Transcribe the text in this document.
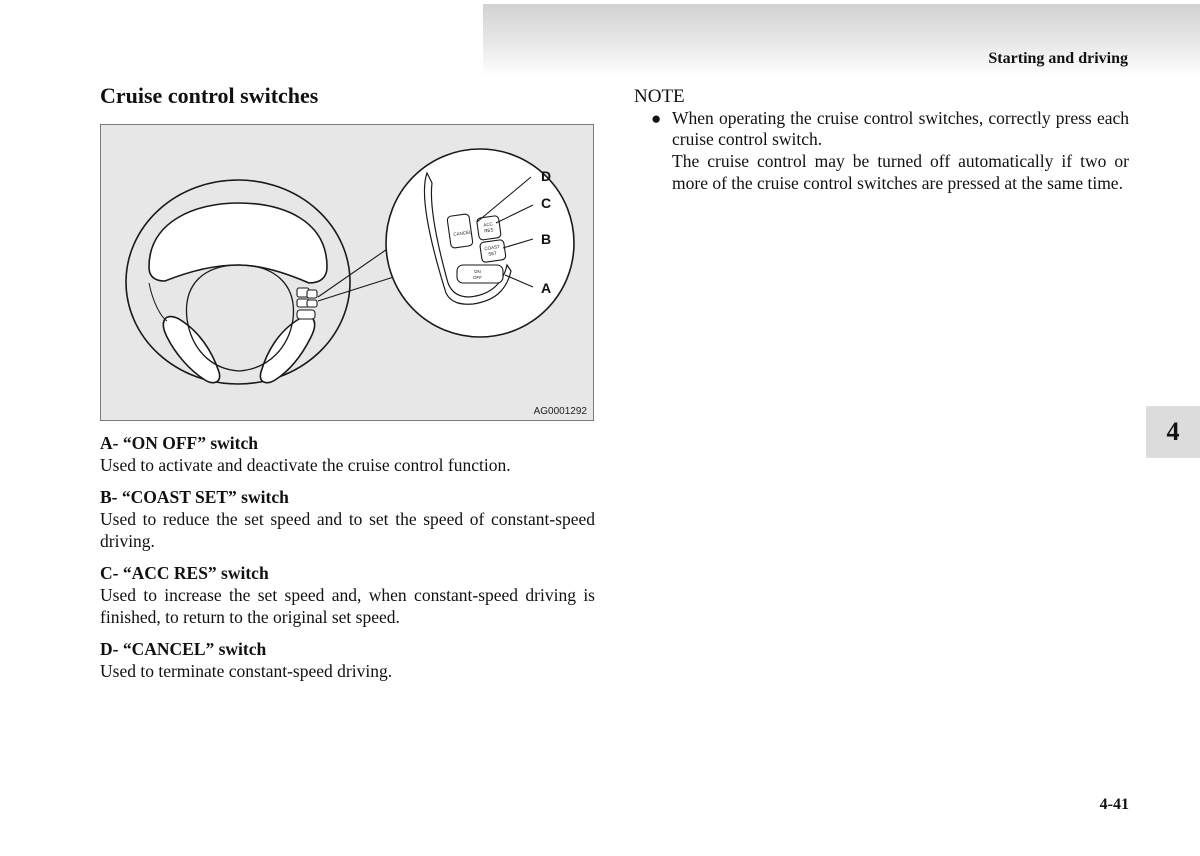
Starting and driving
Cruise control switches
CANCEL
ACC
RES
COAST
SET
ON
OFF
D
C
B
A
AG0001292
A- “ON OFF” switch
Used to activate and deactivate the cruise control function.
B- “COAST SET” switch
Used to reduce the set speed and to set the speed of constant-speed driving.
C- “ACC RES” switch
Used to increase the set speed and, when constant-speed driving is finished, to return to the original set speed.
D- “CANCEL” switch
Used to terminate constant-speed driving.
NOTE
● When operating the cruise control switches, correctly press each cruise control switch.
The cruise control may be turned off automatically if two or more of the cruise control switches are pressed at the same time.
4
4-41
